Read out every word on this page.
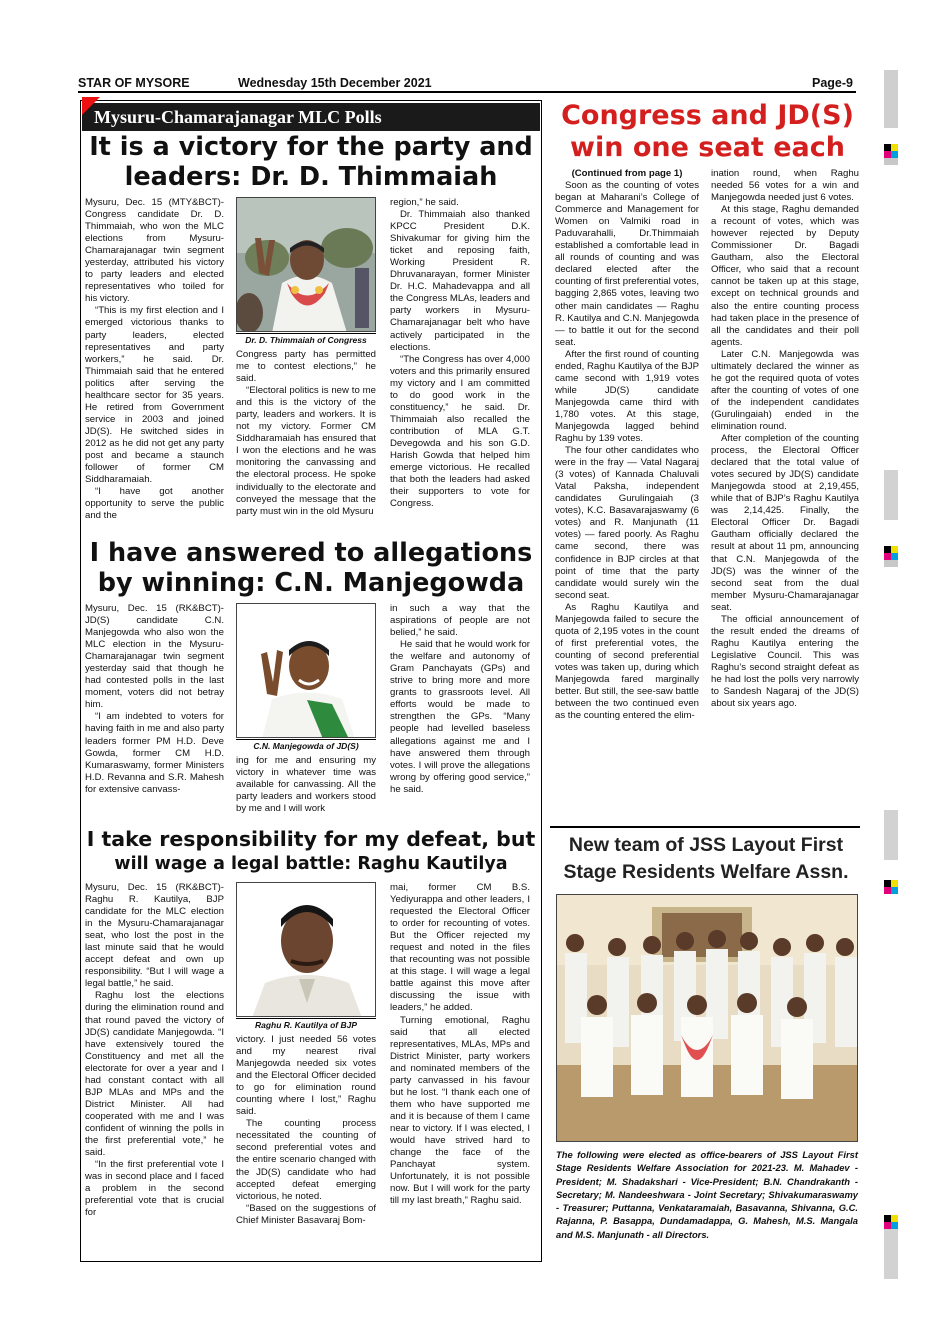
STAR OF MYSORE	Wednesday 15th December 2021	Page-9
Mysuru-Chamarajanagar MLC Polls
It is a victory for the party and leaders: Dr. D. Thimmaiah

Mysuru, Dec. 15 (MTY&BCT)- Congress candidate Dr. D. Thimmaiah, who won the MLC elections from Mysuru-Chamarajanagar twin segment yesterday, attributed his victory to party leaders and elected representatives who toiled for his victory.

“This is my first election and I emerged victorious thanks to party leaders, elected representatives and party workers,” he said. Dr. Thimmaiah said that he entered politics after serving the healthcare sector for 35 years. He retired from Government service in 2003 and joined JD(S). He switched sides in 2012 as he did not get any party post and became a staunch follower of former CM Siddharamaiah.

“I have got another opportunity to serve the public and the

Dr. D. Thimmaiah of Congress

Congress party has permitted me to contest elections,” he said.

“Electoral politics is new to me and this is the victory of the party, leaders and workers. It is not my victory. Former CM Siddharamaiah has ensured that I won the elections and he was monitoring the canvassing and the electoral process. He spoke individually to the electorate and conveyed the message that the party must win in the old Mysuru

region,” he said.

Dr. Thimmaiah also thanked KPCC President D.K. Shivakumar for giving him the ticket and reposing faith, Working President R. Dhruvanarayan, former Minister Dr. H.C. Mahadevappa and all the Congress MLAs, leaders and party workers in Mysuru-Chamarajanagar belt who have actively participated in the elections.

“The Congress has over 4,000 voters and this primarily ensured my victory and I am committed to do good work in the constituency,” he said. Dr. Thimmaiah also recalled the contribution of MLA G.T. Devegowda and his son G.D. Harish Gowda that helped him emerge victorious. He recalled that both the leaders had asked their supporters to vote for Congress.

I have answered to allegations by winning: C.N. Manjegowda

Mysuru, Dec. 15 (RK&BCT)- JD(S) candidate C.N. Manjegowda who also won the MLC election in the Mysuru-Chamarajanagar twin segment yesterday said that though he had contested polls in the last moment, voters did not betray him.

“I am indebted to voters for having faith in me and also party leaders former PM H.D. Deve Gowda, former CM H.D. Kumaraswamy, former Ministers H.D. Revanna and S.R. Mahesh for extensive canvass-

C.N. Manjegowda of JD(S)

ing for me and ensuring my victory in whatever time was available for canvassing. All the party leaders and workers stood by me and I will work

in such a way that the aspirations of people are not belied,” he said.

He said that he would work for the welfare and autonomy of Gram Panchayats (GPs) and strive to bring more and more grants to grassroots level. All efforts would be made to strengthen the GPs. “Many people had levelled baseless allegations against me and I have answered them through votes. I will prove the allegations wrong by offering good service,” he said.

I take responsibility for my defeat, but
will wage a legal battle: Raghu Kautilya

Mysuru, Dec. 15 (RK&BCT)- Raghu R. Kautilya, BJP candidate for the MLC election in the Mysuru-Chamarajanagar seat, who lost the post in the last minute said that he would accept defeat and own up responsibility. “But I will wage a legal battle,” he said.

Raghu lost the elections during the elimination round and that round paved the victory of JD(S) candidate Manjegowda. “I have extensively toured the Constituency and met all the electorate for over a year and I had constant contact with all BJP MLAs and MPs and the District Minister. All had cooperated with me and I was confident of winning the polls in the first preferential vote,” he said.

“In the first preferential vote I was in second place and I faced a problem in the second preferential vote that is crucial for

Raghu R. Kautilya of BJP

victory. I just needed 56 votes and my nearest rival Manjegowda needed six votes and the Electoral Officer decided to go for elimination round counting where I lost,” Raghu said.

The counting process necessitated the counting of second preferential votes and the entire scenario changed with the JD(S) candidate who had accepted defeat emerging victorious, he noted.

“Based on the suggestions of Chief Minister Basavaraj Bom-

mai, former CM B.S. Yediyurappa and other leaders, I requested the Electoral Officer to order for recounting of votes. But the Officer rejected my request and noted in the files that recounting was not possible at this stage. I will wage a legal battle against this move after discussing the issue with leaders,” he added.

Turning emotional, Raghu said that all elected representatives, MLAs, MPs and District Minister, party workers and nominated members of the party canvassed in his favour but he lost. “I thank each one of them who have supported me and it is because of them I came near to victory. If I was elected, I would have strived hard to change the face of the Panchayat system. Unfortunately, it is not possible now. But I will work for the party till my last breath,” Raghu said.

Congress and JD(S) win one seat each

(Continued from page 1)

Soon as the counting of votes began at Maharani’s College of Commerce and Management for Women on Valmiki road in Paduvarahalli, Dr.Thimmaiah established a comfortable lead in all rounds of counting and was declared elected after the counting of first preferential votes, bagging 2,865 votes, leaving two other main candidates — Raghu R. Kautilya and C.N. Manjegowda — to battle it out for the second seat.

After the first round of counting ended, Raghu Kautilya of the BJP came second with 1,919 votes while JD(S) candidate Manjegowda came third with 1,780 votes. At this stage, Manjegowda lagged behind Raghu by 139 votes.

The four other candidates who were in the fray — Vatal Nagaraj (3 votes) of Kannada Chaluvali Vatal Paksha, independent candidates Gurulingaiah (3 votes), K.C. Basavarajaswamy (6 votes) and R. Manjunath (11 votes) — fared poorly. As Raghu came second, there was confidence in BJP circles at that point of time that the party candidate would surely win the second seat.

As Raghu Kautilya and Manjegowda failed to secure the quota of 2,195 votes in the count of first preferential votes, the counting of second preferential votes was taken up, during which Manjegowda fared marginally better. But still, the see-saw battle between the two continued even as the counting entered the elim-

ination round, when Raghu needed 56 votes for a win and Manjegowda needed just 6 votes.

At this stage, Raghu demanded a recount of votes, which was however rejected by Deputy Commissioner Dr. Bagadi Gautham, also the Electoral Officer, who said that a recount cannot be taken up at this stage, except on technical grounds and also the entire counting process had taken place in the presence of all the candidates and their poll agents.

Later C.N. Manjegowda was ultimately declared the winner as he got the required quota of votes after the counting of votes of one of the independent candidates (Gurulingaiah) ended in the elimination round.

After completion of the counting process, the Electoral Officer declared that the total value of votes secured by JD(S) candidate Manjegowda stood at 2,19,455, while that of BJP’s Raghu Kautilya was 2,14,425. Finally, the Electoral Officer Dr. Bagadi Gautham officially declared the result at about 11 pm, announcing that C.N. Manjegowda of the JD(S) was the winner of the second seat from the dual member Mysuru-Chamarajanagar seat.

The official announcement of the result ended the dreams of Raghu Kautilya entering the Legislative Council. This was Raghu’s second straight defeat as he had lost the polls very narrowly to Sandesh Nagaraj of the JD(S) about six years ago.

New team of JSS Layout First
Stage Residents Welfare Assn.
The following were elected as office-bearers of JSS Layout First Stage Residents Welfare Association for 2021-23. M. Mahadev - President; M. Shadakshari - Vice-President; B.N. Chandrakanth - Secretary; M. Nandeeshwara - Joint Secretary; Shivakumaraswamy - Treasurer; Puttanna, Venkataramaiah, Basavanna, Shivanna, G.C. Rajanna, P. Basappa, Dundamadappa, G. Mahesh, M.S. Mangala and M.S. Manjunath - all Directors.
